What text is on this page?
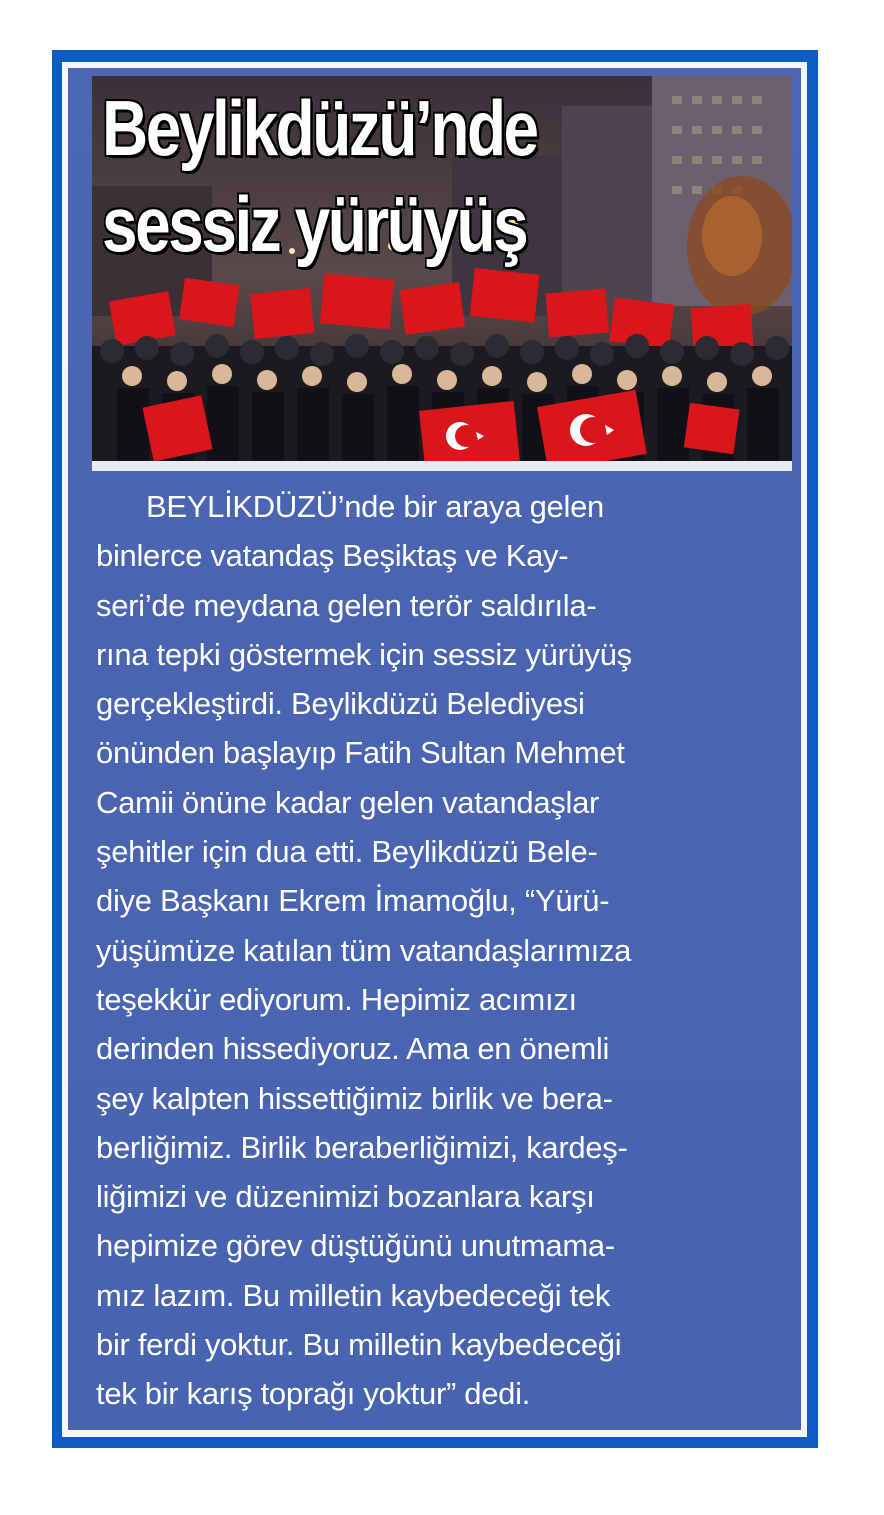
Beylikdüzü’nde
sessiz yürüyüş

BEYLİKDÜZÜ’nde bir araya gelen
binlerce vatandaş Beşiktaş ve Kay-
seri’de meydana gelen terör saldırıla-
rına tepki göstermek için sessiz yürüyüş
gerçekleştirdi. Beylikdüzü Belediyesi
önünden başlayıp Fatih Sultan Mehmet
Camii önüne kadar gelen vatandaşlar
şehitler için dua etti. Beylikdüzü Bele-
diye Başkanı Ekrem İmamoğlu, “Yürü-
yüşümüze katılan tüm vatandaşlarımıza
teşekkür ediyorum. Hepimiz acımızı
derinden hissediyoruz. Ama en önemli
şey kalpten hissettiğimiz birlik ve bera-
berliğimiz. Birlik beraberliğimizi, kardeş-
liğimizi ve düzenimizi bozanlara karşı
hepimize görev düştüğünü unutmama-
mız lazım. Bu milletin kaybedeceği tek
bir ferdi yoktur. Bu milletin kaybedeceği
tek bir karış toprağı yoktur” dedi.
